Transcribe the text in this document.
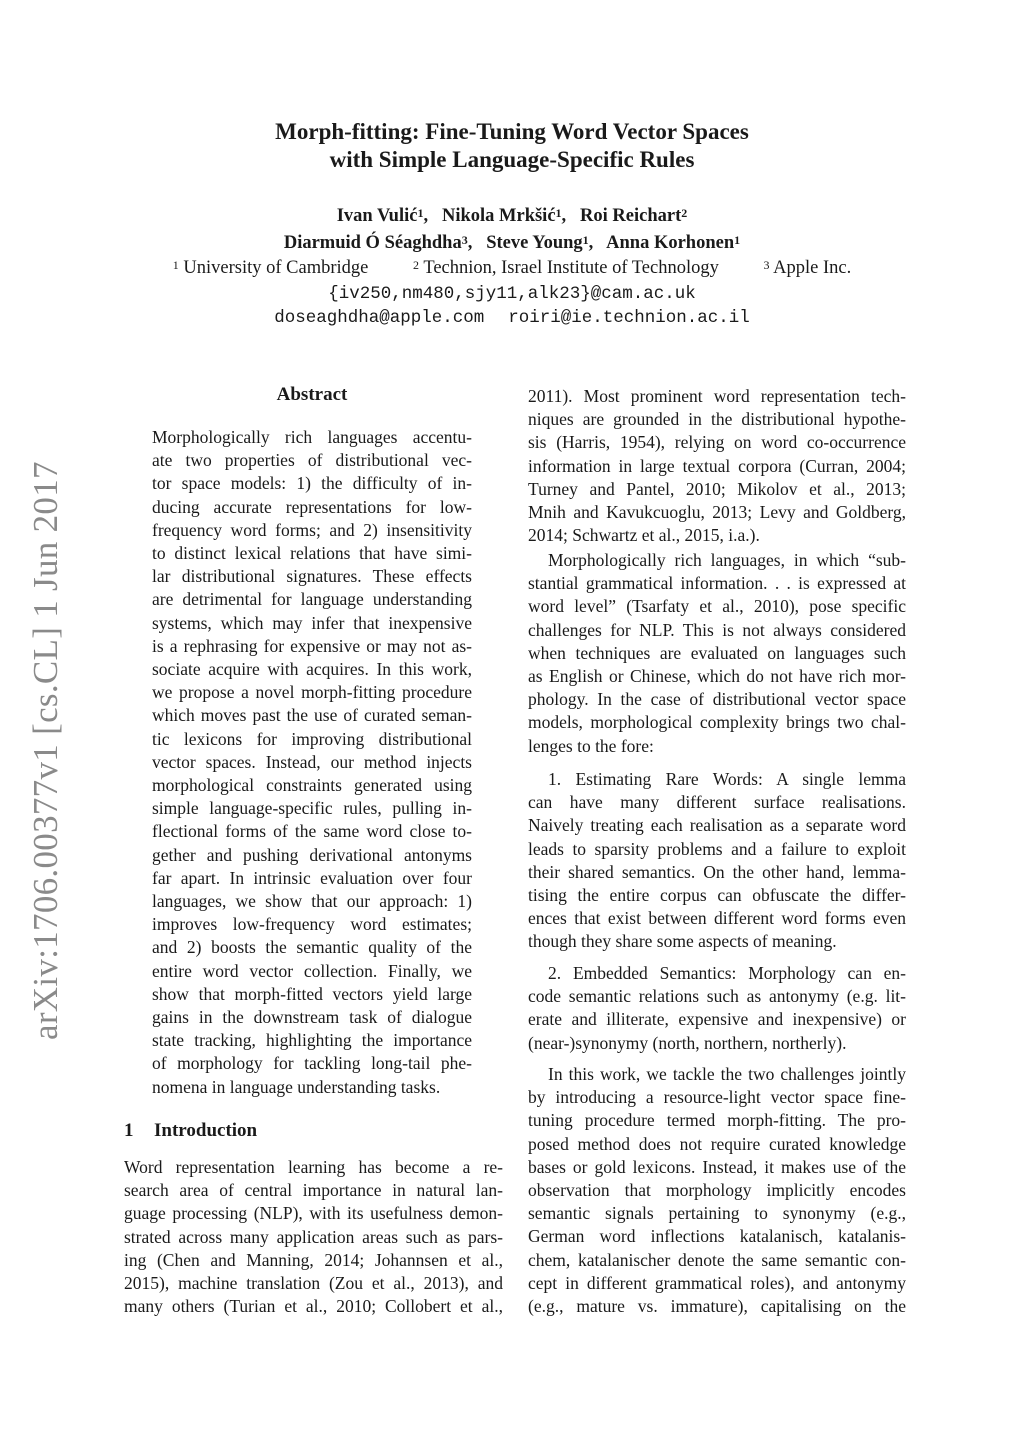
Morph-fitting: Fine-Tuning Word Vector Spaces
with Simple Language-Specific Rules
Ivan Vulić$^1$,   Nikola Mrkšić$^1$,   Roi Reichart$^2$
Diarmuid Ó Séaghdha$^3$,   Steve Young$^1$,   Anna Korhonen$^1$
$^1$ University of Cambridge	$^2$ Technion, Israel Institute of Technology	$^3$ Apple Inc.
{iv250,nm480,sjy11,alk23}@cam.ac.uk
doseaghdha@apple.com roiri@ie.technion.ac.il
arXiv:1706.00377v1 [cs.CL] 1 Jun 2017
Abstract
Morphologically rich languages accentu-
ate two properties of distributional vec-
tor space models: 1) the difficulty of in-
ducing accurate representations for low-
frequency word forms; and 2) insensitivity
to distinct lexical relations that have simi-
lar distributional signatures. These effects
are detrimental for language understanding
systems, which may infer that inexpensive
is a rephrasing for expensive or may not as-
sociate acquire with acquires. In this work,
we propose a novel morph-fitting procedure
which moves past the use of curated seman-
tic lexicons for improving distributional
vector spaces. Instead, our method injects
morphological constraints generated using
simple language-specific rules, pulling in-
flectional forms of the same word close to-
gether and pushing derivational antonyms
far apart. In intrinsic evaluation over four
languages, we show that our approach: 1)
improves low-frequency word estimates;
and 2) boosts the semantic quality of the
entire word vector collection. Finally, we
show that morph-fitted vectors yield large
gains in the downstream task of dialogue
state tracking, highlighting the importance
of morphology for tackling long-tail phe-
nomena in language understanding tasks.
1 Introduction
Word representation learning has become a re-
search area of central importance in natural lan-
guage processing (NLP), with its usefulness demon-
strated across many application areas such as pars-
ing (Chen and Manning, 2014; Johannsen et al.,
2015), machine translation (Zou et al., 2013), and
many others (Turian et al., 2010; Collobert et al.,
2011). Most prominent word representation tech-
niques are grounded in the distributional hypothe-
sis (Harris, 1954), relying on word co-occurrence
information in large textual corpora (Curran, 2004;
Turney and Pantel, 2010; Mikolov et al., 2013;
Mnih and Kavukcuoglu, 2013; Levy and Goldberg,
2014; Schwartz et al., 2015, i.a.).
Morphologically rich languages, in which “sub-
stantial grammatical information. . . is expressed at
word level” (Tsarfaty et al., 2010), pose specific
challenges for NLP. This is not always considered
when techniques are evaluated on languages such
as English or Chinese, which do not have rich mor-
phology. In the case of distributional vector space
models, morphological complexity brings two chal-
lenges to the fore:
1. Estimating Rare Words: A single lemma
can have many different surface realisations.
Naively treating each realisation as a separate word
leads to sparsity problems and a failure to exploit
their shared semantics. On the other hand, lemma-
tising the entire corpus can obfuscate the differ-
ences that exist between different word forms even
though they share some aspects of meaning.
2. Embedded Semantics: Morphology can en-
code semantic relations such as antonymy (e.g. lit-
erate and illiterate, expensive and inexpensive) or
(near-)synonymy (north, northern, northerly).
In this work, we tackle the two challenges jointly
by introducing a resource-light vector space fine-
tuning procedure termed morph-fitting. The pro-
posed method does not require curated knowledge
bases or gold lexicons. Instead, it makes use of the
observation that morphology implicitly encodes
semantic signals pertaining to synonymy (e.g.,
German word inflections katalanisch, katalanis-
chem, katalanischer denote the same semantic con-
cept in different grammatical roles), and antonymy
(e.g., mature vs. immature), capitalising on the
